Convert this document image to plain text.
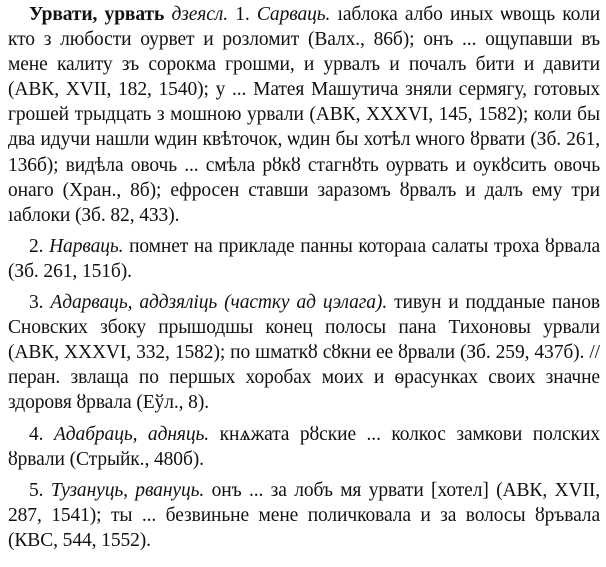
Урвати, урвать дзеясл. 1. Сарваць. ıаблока албо иных ѡвощь коли кто з любости оурвет и розломит (Валх., 86б); онъ ... ощупавши въ мене калиту зъ сорокма грошми, и урвалъ и почалъ бити и давити (АВК, XVII, 182, 1540); у ... Матея Машутича зняли сермягу, готовых грошей трыдцать з мошною урвали (АВК, XXXVI, 145, 1582); коли бы два идучи нашли ѡдин квѣточок, ѡдин бы хотѣл ѡного ȣрвати (Зб. 261, 136б); видѣла овочь ... смѣла рȣкȣ стагнȣть оурвать и оукȣсить овочь онаго (Хран., 8б); ефросен ставши заразомъ ȣрвалъ и далъ ему три ıаблоки (Зб. 82, 433).

2. Нарваць. помнет на прикладе панны котораıа салаты троха ȣрвала (Зб. 261, 151б).

3. Адарваць, аддзяліць (частку ад цэлага). тивун и подданые панов Сновских збоку прышодшы конец полосы пана Тихоновы урвали (АВК, XXXVI, 332, 1582); по шматкȣ сȣкни ее ȣрвали (Зб. 259, 437б). // перан. звлаща по першых хоробах моих и ѳрасунках своих значне здоровя ȣрвала (Еўл., 8).

4. Адабраць, адняць. кнѧжата рȣские ... колкос замкови полских ȣрвали (Стрыйк., 480б).

5. Тузануць, рвануць. онъ ... за лобъ мя урвати [хотел] (АВК, XVII, 287, 1541); ты ... безвиньне мене поличковала и за волосы ȣръвала (КВС, 544, 1552).
